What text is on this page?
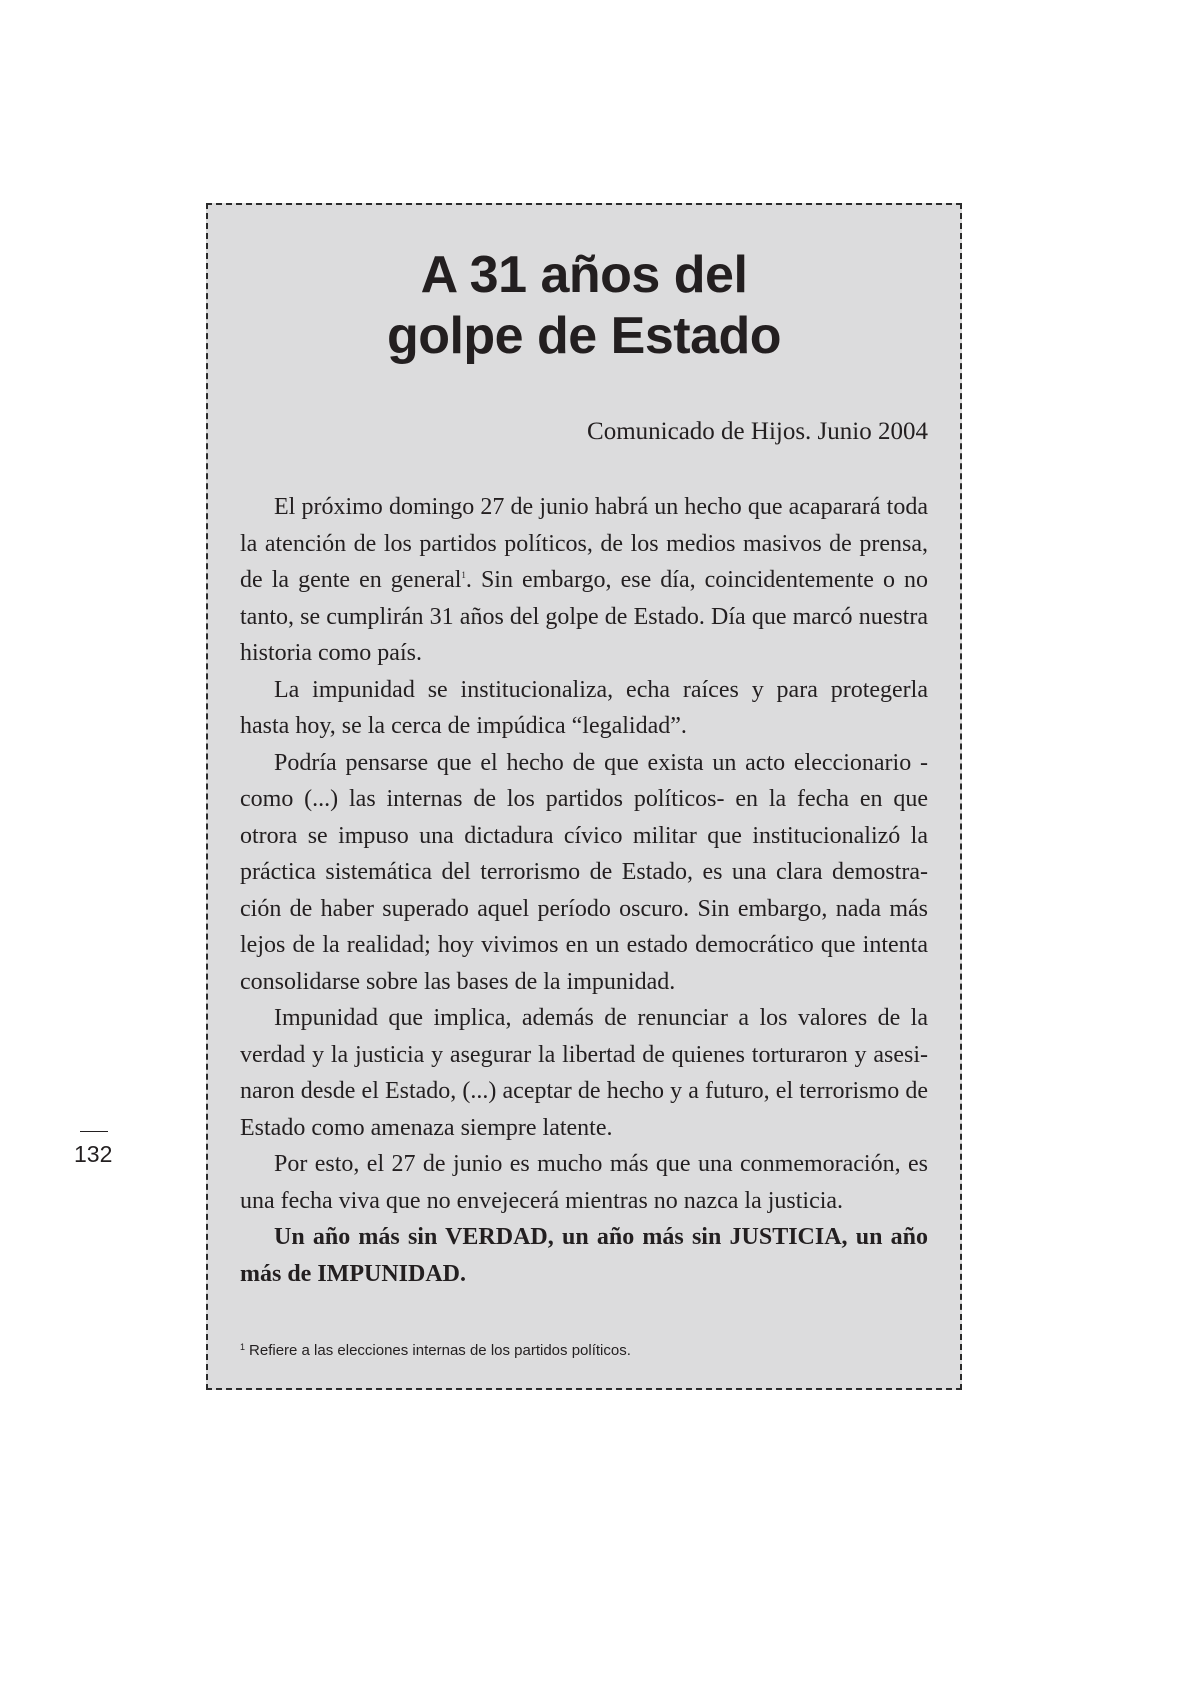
A 31 años del
golpe de Estado
Comunicado de Hijos. Junio 2004

El próximo domingo 27 de junio habrá un hecho que acaparará toda la atención de los partidos políticos, de los medios masivos de prensa, de la gente en general$^1$. Sin embargo, ese día, coincidentemente o no tanto, se cumplirán 31 años del golpe de Estado. Día que marcó nuestra historia como país.

La impunidad se institucionaliza, echa raíces y para protegerla hasta hoy, se la cerca de impúdica “legalidad”.

Podría pensarse que el hecho de que exista un acto eleccionario -como (...) las internas de los partidos políticos- en la fecha en que otrora se impuso una dictadura cívico militar que institucionalizó la práctica sistemática del terrorismo de Estado, es una clara demostración de haber superado aquel período oscuro. Sin embargo, nada más lejos de la realidad; hoy vivimos en un estado democrático que intenta consolidarse sobre las bases de la impunidad.

Impunidad que implica, además de renunciar a los valores de la verdad y la justicia y asegurar la libertad de quienes torturaron y asesinaron desde el Estado, (...) aceptar de hecho y a futuro, el terrorismo de Estado como amenaza siempre latente.

Por esto, el 27 de junio es mucho más que una conmemoración, es una fecha viva que no envejecerá mientras no nazca la justicia.

Un año más sin VERDAD, un año más sin JUSTICIA, un año más de IMPUNIDAD.

$^1$ Refiere a las elecciones internas de los partidos políticos.
132
